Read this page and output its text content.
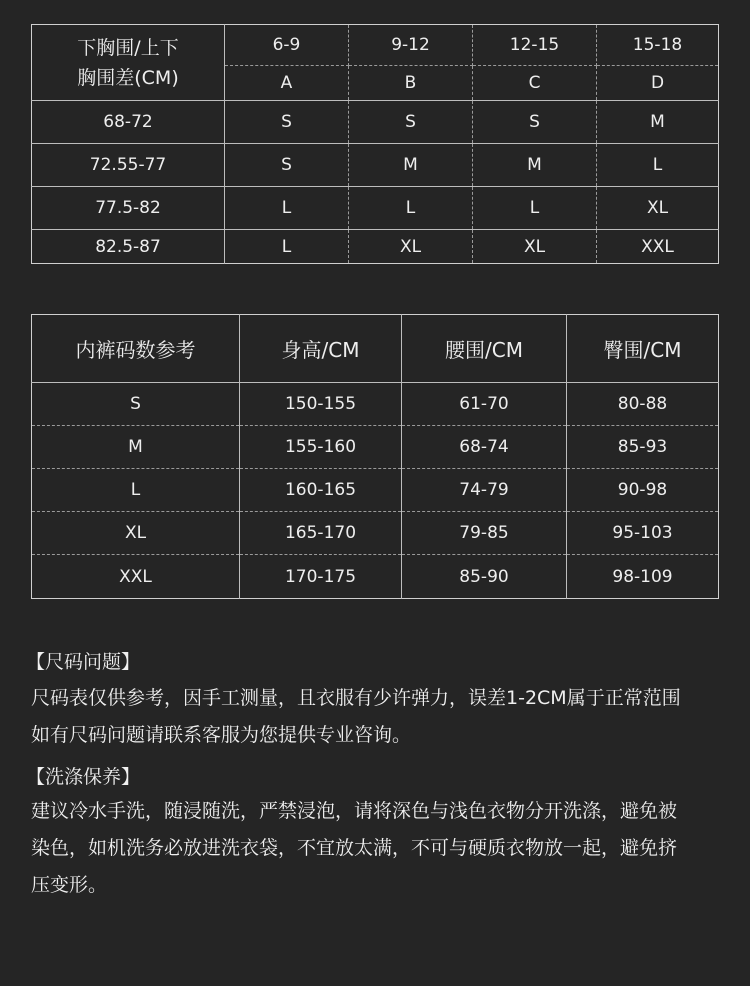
下胸围/上下
胸围差(CM)	6-9	9-12	12-15	15-18
	A	B	C	D
68-72	S	S	S	M
72.55-77	S	M	M	L
77.5-82	L	L	L	XL
82.5-87	L	XL	XL	XXL
内裤码数参考	身高/CM	腰围/CM	臀围/CM
S	150-155	61-70	80-88
M	155-160	68-74	85-93
L	160-165	74-79	90-98
XL	165-170	79-85	95-103
XXL	170-175	85-90	98-109
【尺码问题】
尺码表仅供参考，因手工测量，且衣服有少许弹力，误差1-2CM属于正常范围
如有尺码问题请联系客服为您提供专业咨询。
【洗涤保养】
建议冷水手洗，随浸随洗，严禁浸泡，请将深色与浅色衣物分开洗涤，避免被
染色，如机洗务必放进洗衣袋，不宜放太满，不可与硬质衣物放一起，避免挤
压变形。
